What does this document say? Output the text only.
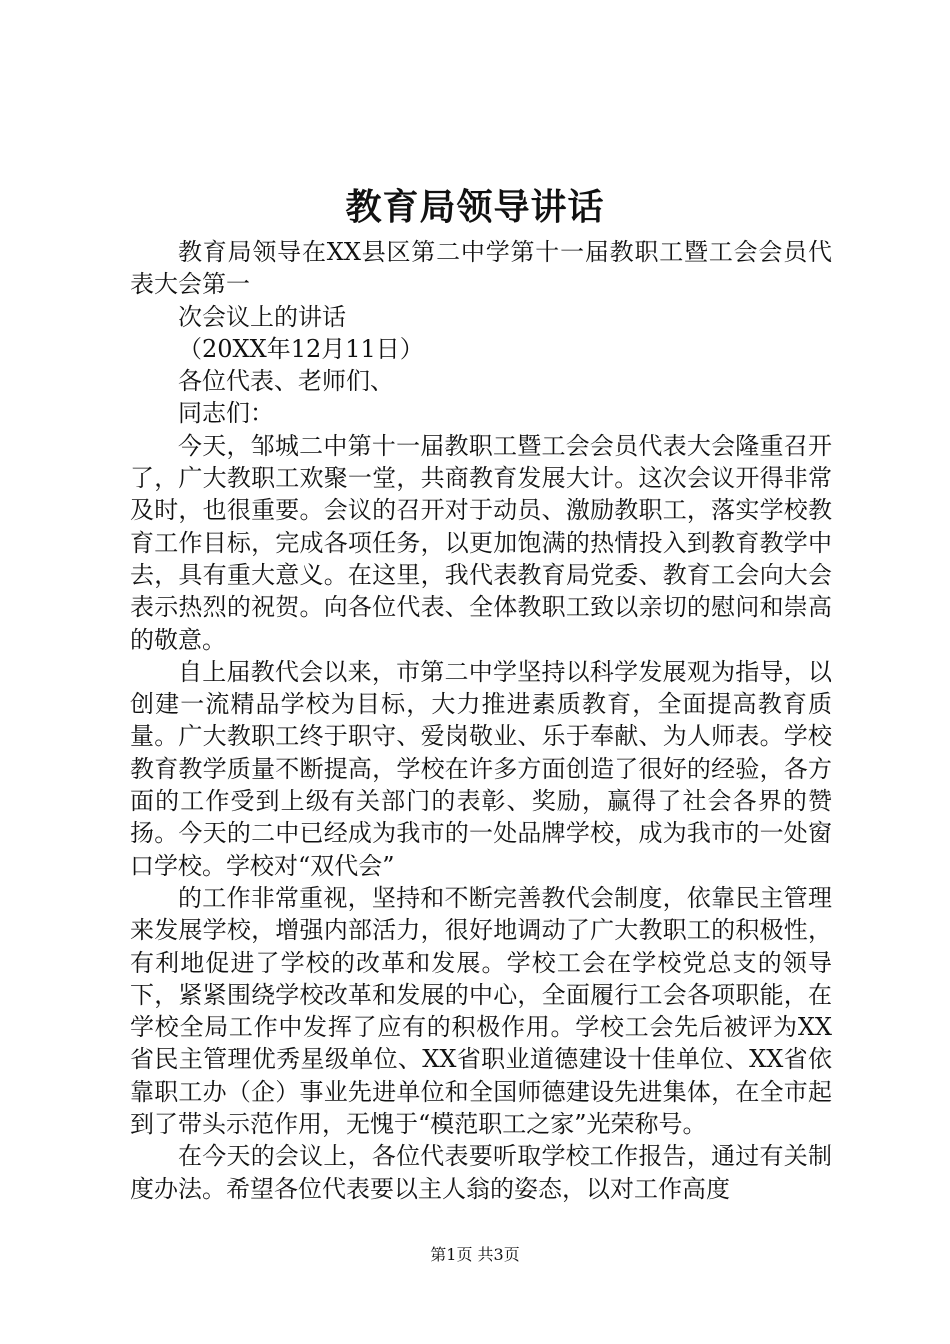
教育局领导讲话

教育局领导在XX县区第二中学第十一届教职工暨工会会员代表大会第一

次会议上的讲话

（20XX年12月11日）

各位代表、老师们、

同志们：

今天，邹城二中第十一届教职工暨工会会员代表大会隆重召开了，广大教职工欢聚一堂，共商教育发展大计。这次会议开得非常及时，也很重要。会议的召开对于动员、激励教职工，落实学校教育工作目标，完成各项任务，以更加饱满的热情投入到教育教学中去，具有重大意义。在这里，我代表教育局党委、教育工会向大会表示热烈的祝贺。向各位代表、全体教职工致以亲切的慰问和崇高的敬意。

自上届教代会以来，市第二中学坚持以科学发展观为指导，以创建一流精品学校为目标，大力推进素质教育，全面提高教育质量。广大教职工终于职守、爱岗敬业、乐于奉献、为人师表。学校教育教学质量不断提高，学校在许多方面创造了很好的经验，各方面的工作受到上级有关部门的表彰、奖励，赢得了社会各界的赞扬。今天的二中已经成为我市的一处品牌学校，成为我市的一处窗口学校。学校对“双代会”

的工作非常重视，坚持和不断完善教代会制度，依靠民主管理来发展学校，增强内部活力，很好地调动了广大教职工的积极性，有利地促进了学校的改革和发展。学校工会在学校党总支的领导下，紧紧围绕学校改革和发展的中心，全面履行工会各项职能，在学校全局工作中发挥了应有的积极作用。学校工会先后被评为XX省民主管理优秀星级单位、XX省职业道德建设十佳单位、XX省依靠职工办（企）事业先进单位和全国师德建设先进集体，在全市起到了带头示范作用，无愧于“模范职工之家”光荣称号。

在今天的会议上，各位代表要听取学校工作报告，通过有关制度办法。希望各位代表要以主人翁的姿态，以对工作高度

第1页 共3页
